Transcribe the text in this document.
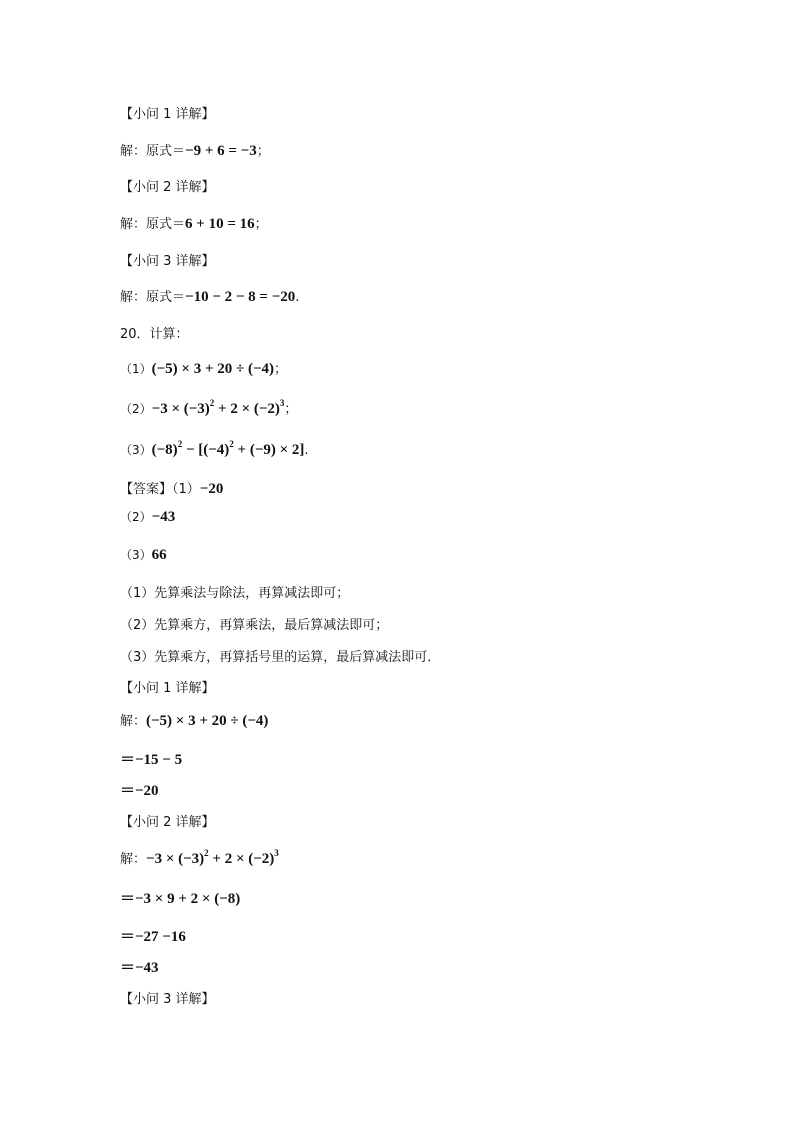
【小问 1 详解】
解：原式＝−9 + 6 = −3；
【小问 2 详解】
解：原式＝6 + 10 = 16；
【小问 3 详解】
解：原式＝−10 − 2 − 8 = −20.
20．计算：
（1）(−5) × 3 + 20 ÷ (−4)；
$(2)-3 \times (-3)^2 + 2 \times (-2)^3$；
$(3)(-8)^2 - [(-4)^2 + (-9) \times 2]$.
【答案】（1）−20
（2）−43
（3）66
（1）先算乘法与除法，再算减法即可；
（2）先算乘方，再算乘法，最后算减法即可；
（3）先算乘方，再算括号里的运算，最后算减法即可．
【小问 1 详解】
解：(−5) × 3 + 20 ÷ (−4)
＝−15 − 5
＝−20
【小问 2 详解】
解：$-3 \times (-3)^2 + 2 \times (-2)^3$
＝−3 × 9 + 2 × (−8)
＝−27 −16
＝−43
【小问 3 详解】
